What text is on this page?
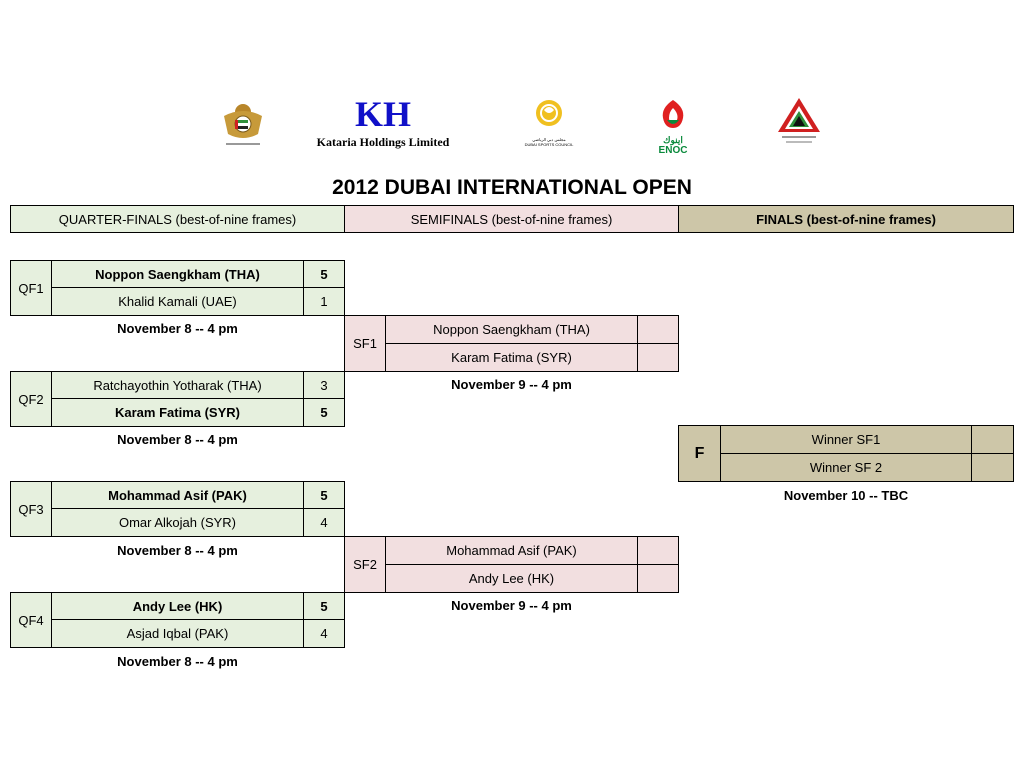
KH
Kataria Holdings Limited	مجلس دبي الرياضي
DUBAI SPORTS COUNCIL	اينوك
ENOC
2012 DUBAI INTERNATIONAL OPEN
QUARTER-FINALS (best-of-nine frames)	SEMIFINALS (best-of-nine frames)	FINALS (best-of-nine frames)
QF1
Noppon Saengkham (THA)	5
Khalid Kamali (UAE)	1
November 8 -- 4 pm
QF2
Ratchayothin Yotharak (THA)	3
Karam Fatima (SYR)	5
November 8 -- 4 pm
QF3
Mohammad Asif (PAK)	5
Omar Alkojah (SYR)	4
November 8 -- 4 pm
QF4
Andy Lee (HK)	5
Asjad Iqbal (PAK)	4
November 8 -- 4 pm
SF1
Noppon Saengkham (THA)
Karam Fatima (SYR)
November 9 -- 4 pm
SF2
Mohammad Asif (PAK)
Andy Lee (HK)
November 9 -- 4 pm
F
Winner SF1
Winner SF 2
November 10 -- TBC
